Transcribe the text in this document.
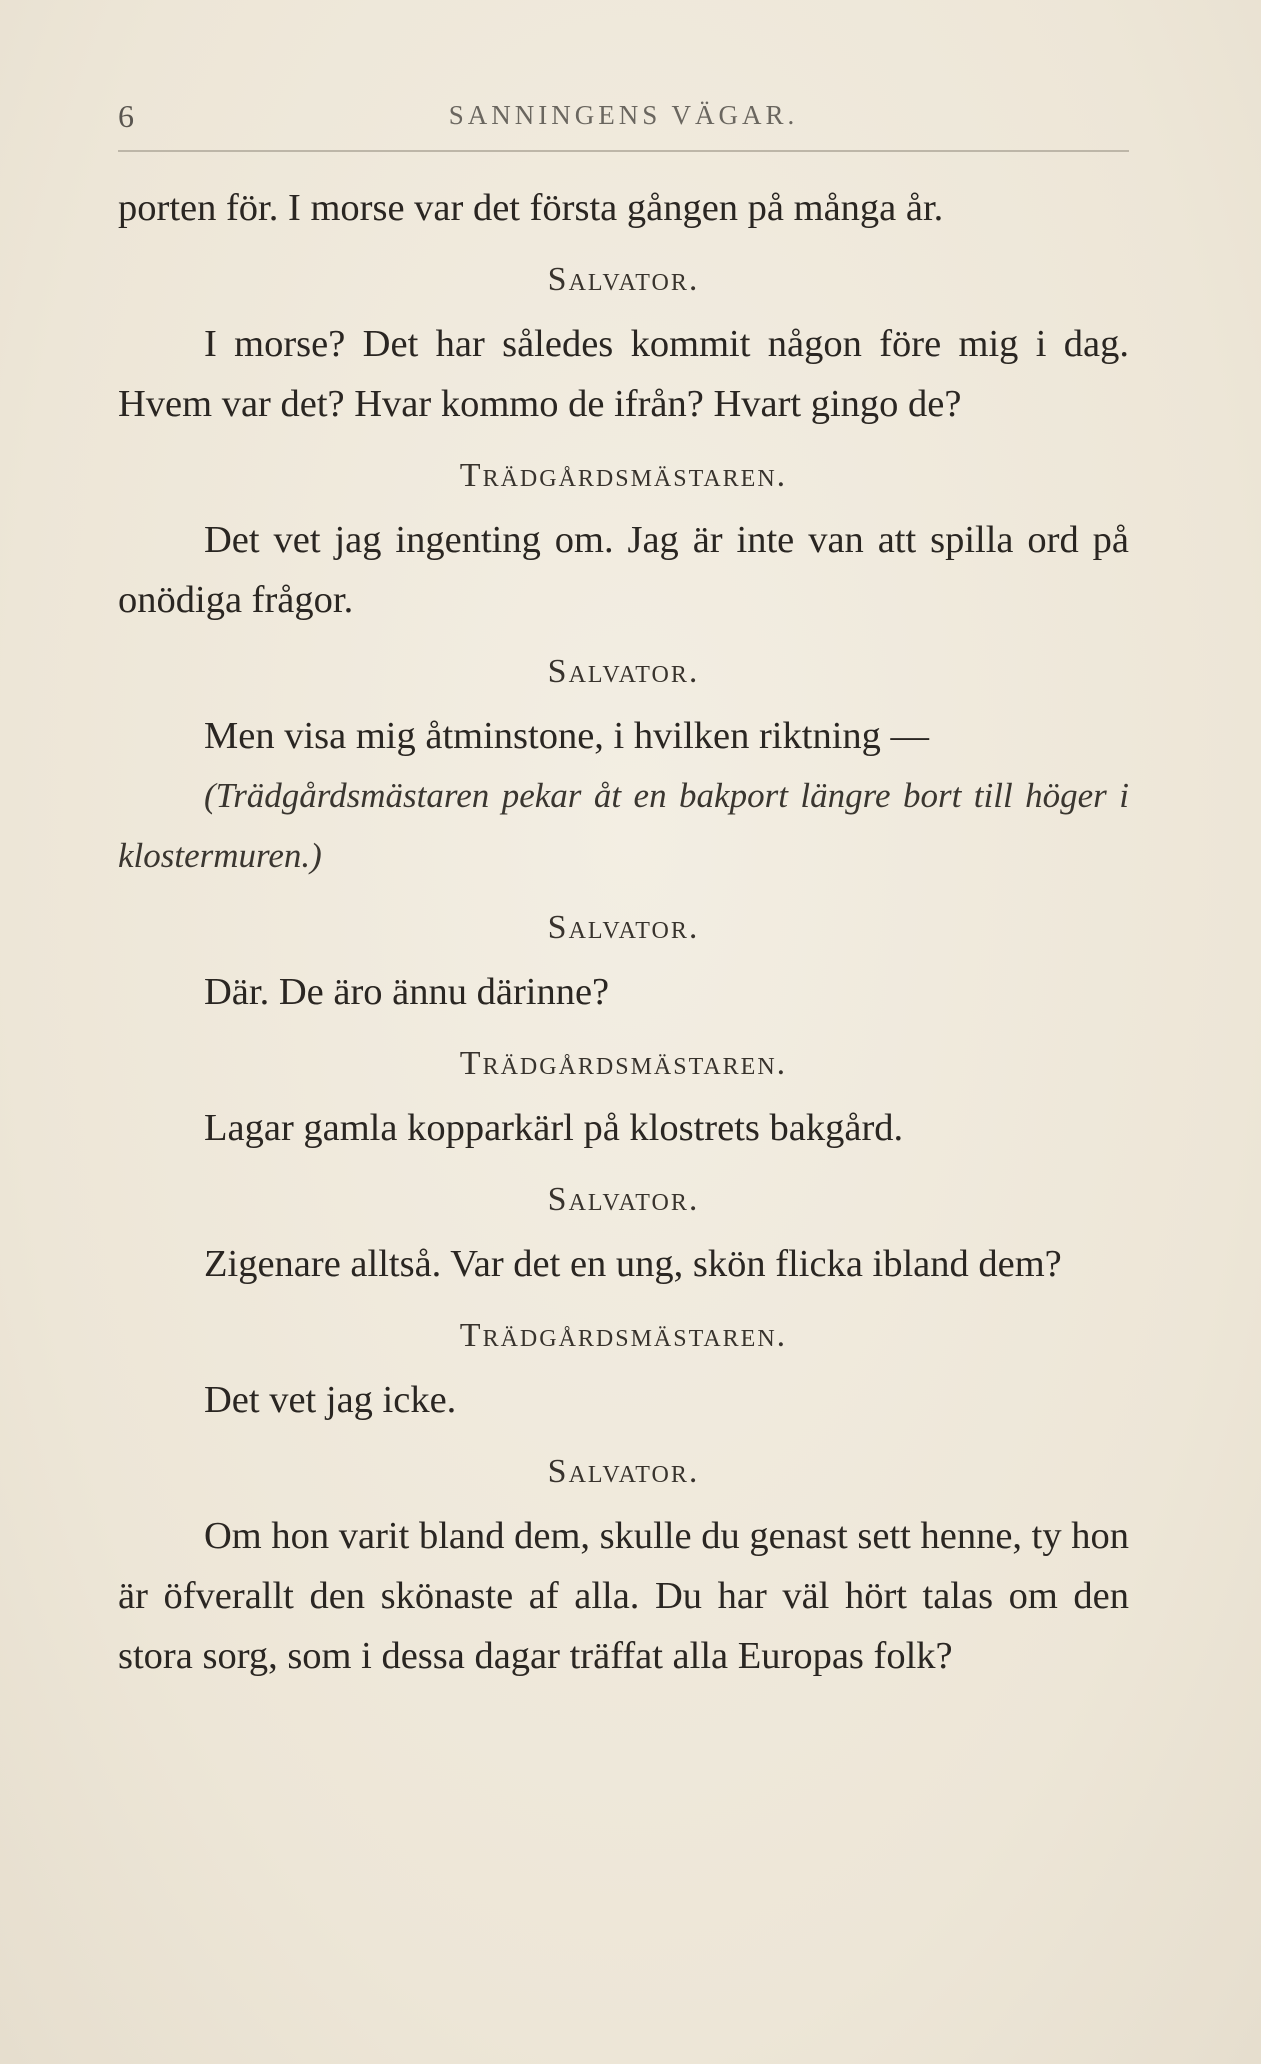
6	SANNINGENS VÄGAR.

porten för. I morse var det första gången på många år.

Salvator.

I morse? Det har således kommit någon före mig i dag. Hvem var det? Hvar kommo de ifrån? Hvart gingo de?

Trädgårdsmästaren.

Det vet jag ingenting om. Jag är inte van att spilla ord på onödiga frågor.

Salvator.

Men visa mig åtminstone, i hvilken riktning —

(Trädgårdsmästaren pekar åt en bakport längre bort till höger i klostermuren.)

Salvator.

Där. De äro ännu därinne?

Trädgårdsmästaren.

Lagar gamla kopparkärl på klostrets bakgård.

Salvator.

Zigenare alltså. Var det en ung, skön flicka ibland dem?

Trädgårdsmästaren.

Det vet jag icke.

Salvator.

Om hon varit bland dem, skulle du genast sett henne, ty hon är öfverallt den skönaste af alla. Du har väl hört talas om den stora sorg, som i dessa dagar träffat alla Europas folk?
